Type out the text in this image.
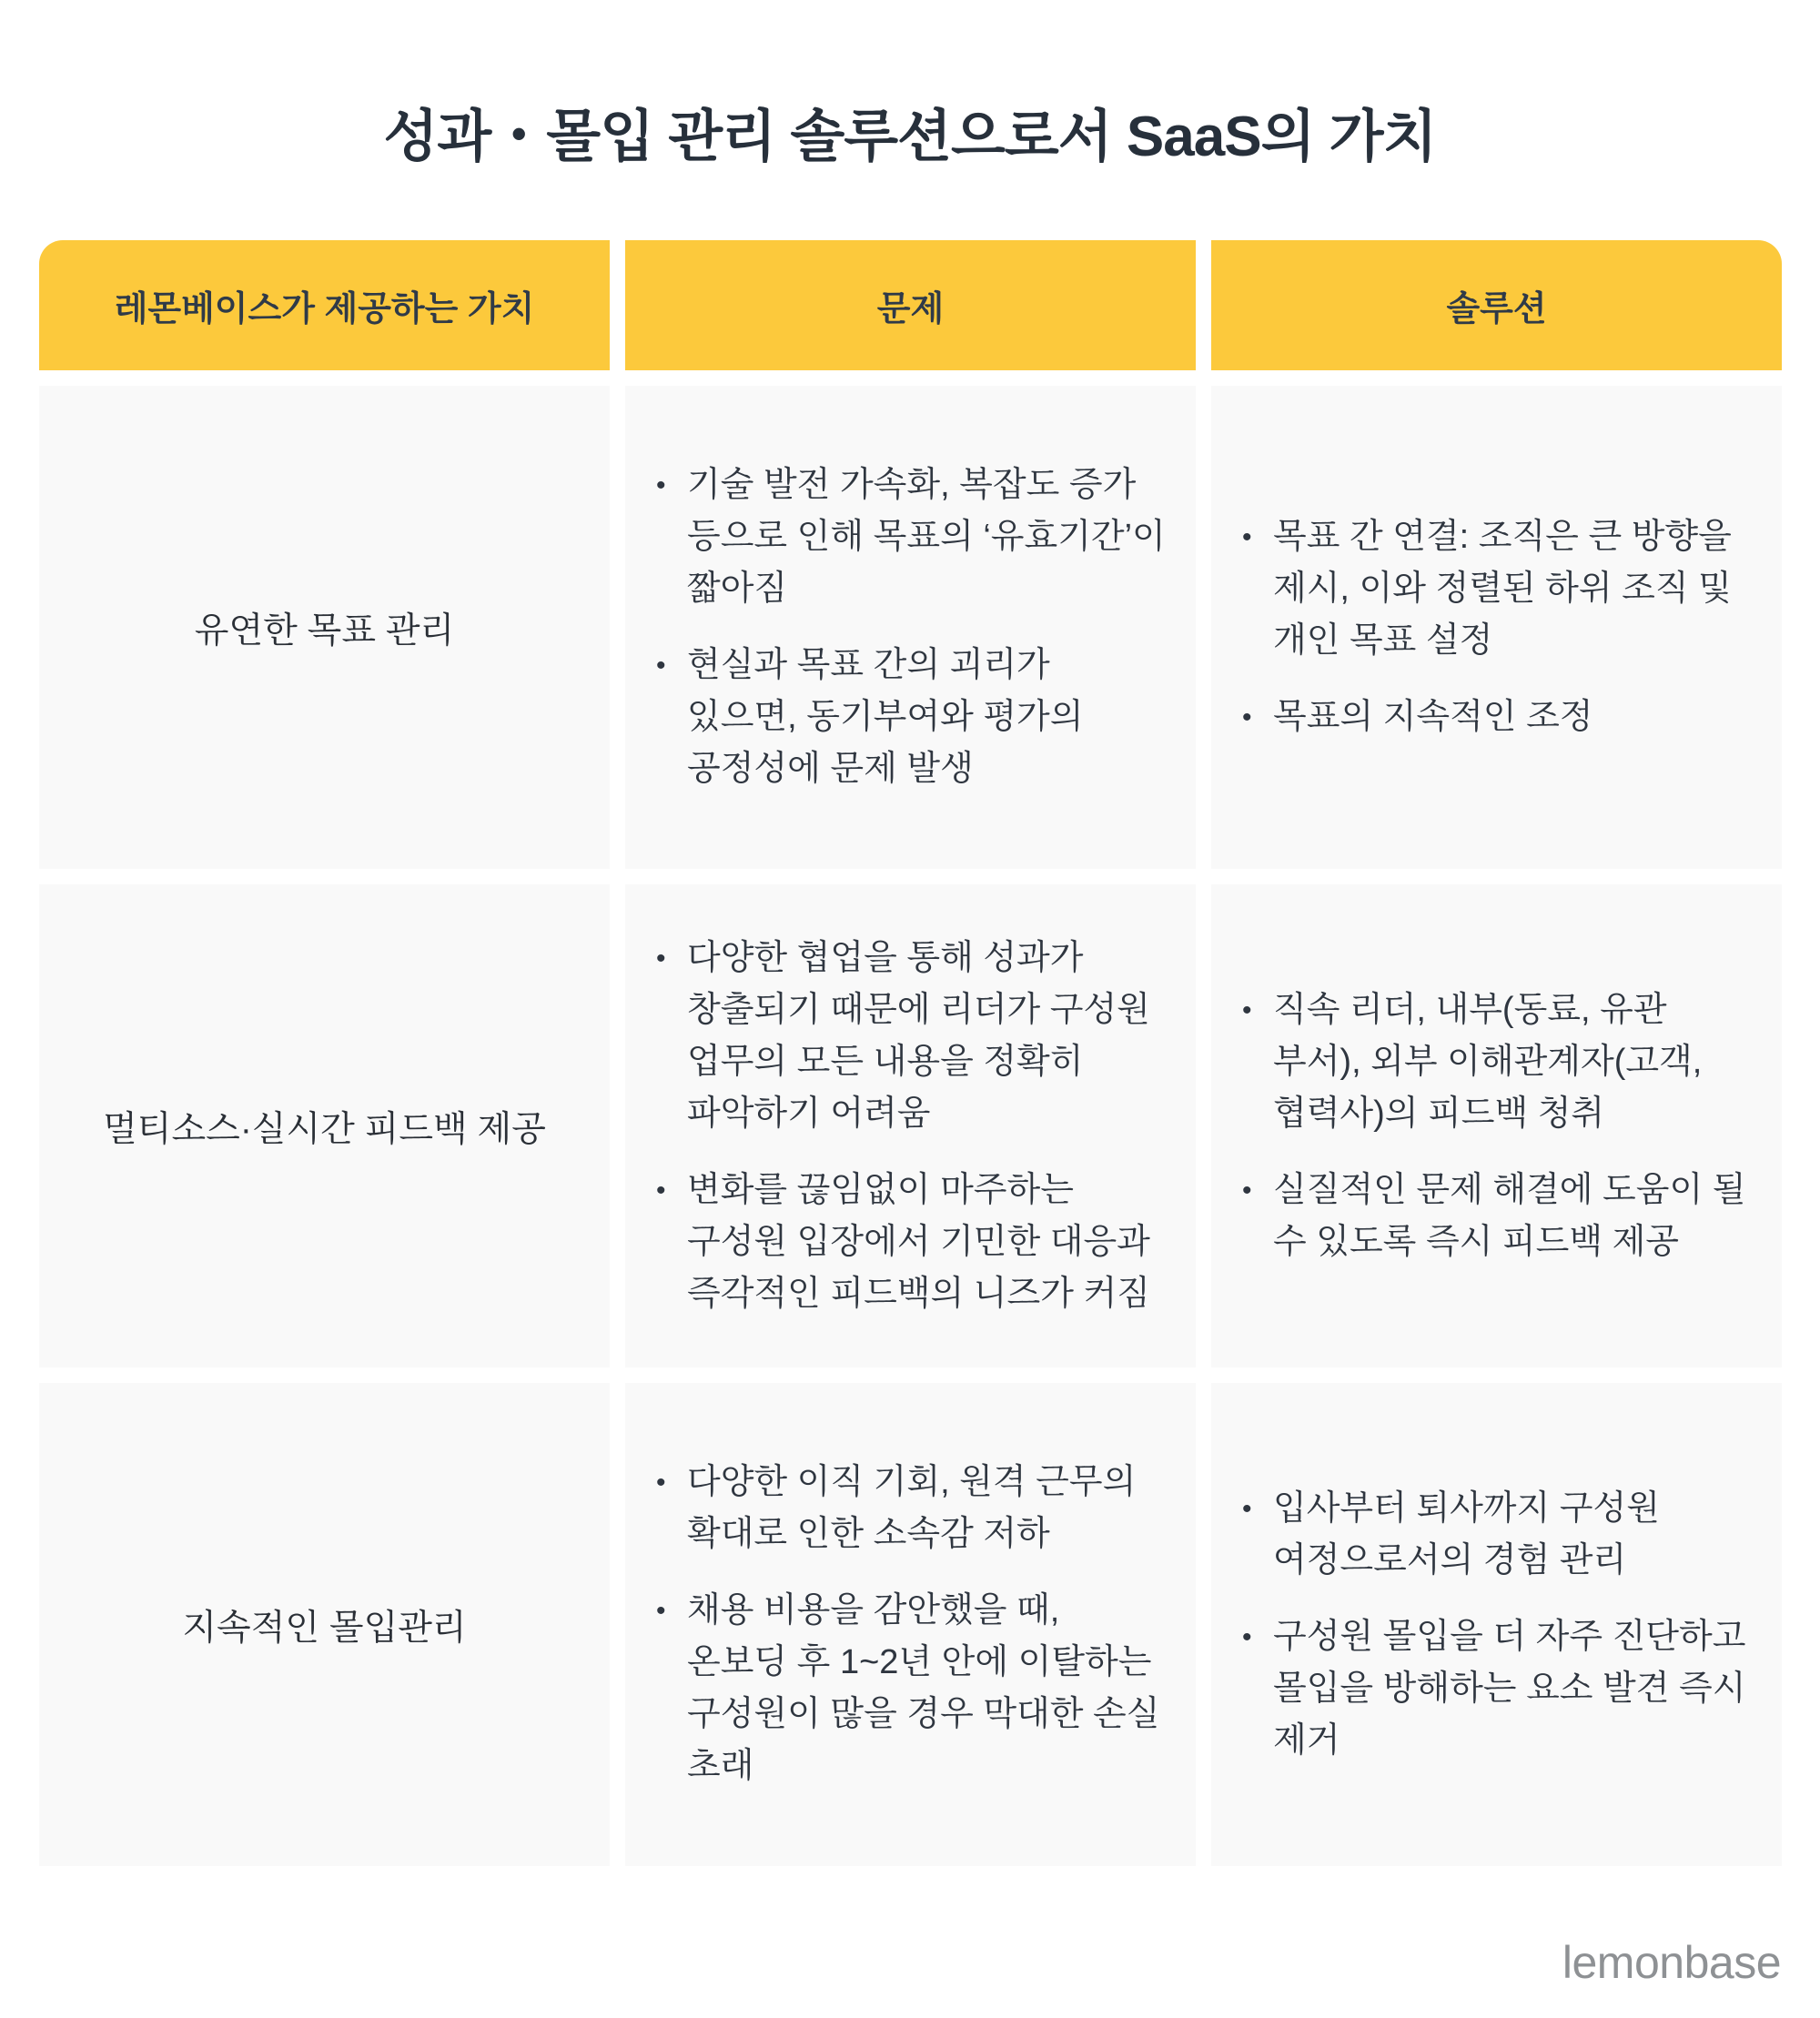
성과・몰입 관리 솔루션으로서 SaaS의 가치
레몬베이스가 제공하는 가치	문제	솔루션
유연한 목표 관리
• 기술 발전 가속화, 복잡도 증가 등으로 인해 목표의 ‘유효기간’이 짧아짐
• 현실과 목표 간의 괴리가 있으면, 동기부여와 평가의 공정성에 문제 발생
• 목표 간 연결: 조직은 큰 방향을 제시, 이와 정렬된 하위 조직 및 개인 목표 설정
• 목표의 지속적인 조정
멀티소스·실시간 피드백 제공
• 다양한 협업을 통해 성과가 창출되기 때문에 리더가 구성원 업무의 모든 내용을 정확히 파악하기 어려움
• 변화를 끊임없이 마주하는 구성원 입장에서 기민한 대응과 즉각적인 피드백의 니즈가 커짐
• 직속 리더, 내부(동료, 유관 부서), 외부 이해관계자(고객, 협력사)의 피드백 청취
• 실질적인 문제 해결에 도움이 될 수 있도록 즉시 피드백 제공
지속적인 몰입관리
• 다양한 이직 기회, 원격 근무의 확대로 인한 소속감 저하
• 채용 비용을 감안했을 때, 온보딩 후 1~2년 안에 이탈하는 구성원이 많을 경우 막대한 손실 초래
• 입사부터 퇴사까지 구성원 여정으로서의 경험 관리
• 구성원 몰입을 더 자주 진단하고 몰입을 방해하는 요소 발견 즉시 제거
lemonbase
